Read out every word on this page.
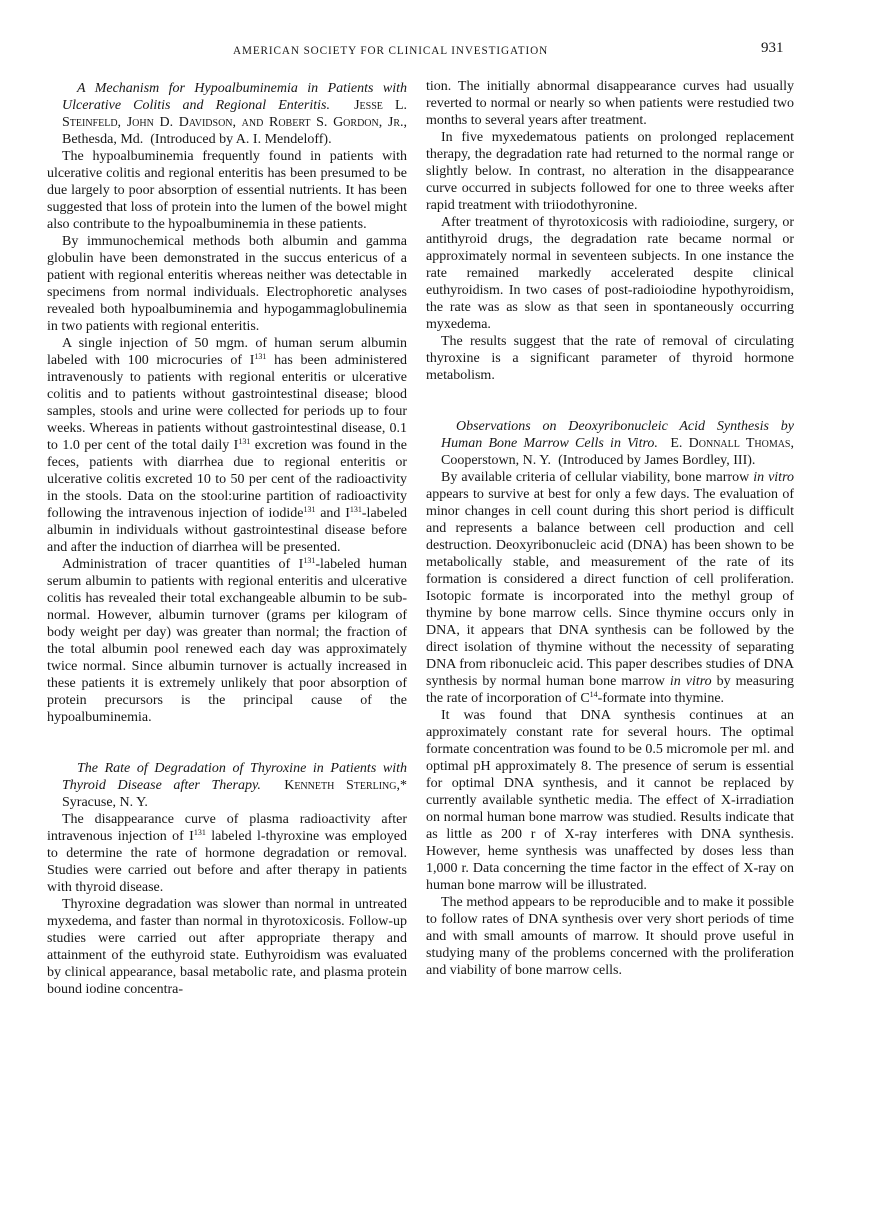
AMERICAN SOCIETY FOR CLINICAL INVESTIGATION	931

A Mechanism for Hypoalbuminemia in Patients with Ulcerative Colitis and Regional Enteritis. Jesse L. Steinfeld, John D. Davidson, and Robert S. Gordon, Jr., Bethesda, Md. (Introduced by A. I. Mendeloff).

The hypoalbuminemia frequently found in patients with ulcerative colitis and regional enteritis has been presumed to be due largely to poor absorption of essential nutrients. It has been suggested that loss of protein into the lumen of the bowel might also contribute to the hypoalbuminemia in these patients.

By immunochemical methods both albumin and gamma globulin have been demonstrated in the succus entericus of a patient with regional enteritis whereas neither was detectable in specimens from normal individuals. Electrophoretic analyses revealed both hypoalbuminemia and hypogammaglobulinemia in two patients with regional enteritis.

A single injection of 50 mgm. of human serum albumin labeled with 100 microcuries of $I^{131}$ has been administered intravenously to patients with regional enteritis or ulcerative colitis and to patients without gastrointestinal disease; blood samples, stools and urine were collected for periods up to four weeks. Whereas in patients without gastrointestinal disease, 0.1 to 1.0 per cent of the total daily $I^{131}$ excretion was found in the feces, patients with diarrhea due to regional enteritis or ulcerative colitis excreted 10 to 50 per cent of the radioactivity in the stools. Data on the stool:urine partition of radioactivity following the intravenous injection of iodide$^{131}$ and $I^{131}$-labeled albumin in individuals without gastrointestinal disease before and after the induction of diarrhea will be presented.

Administration of tracer quantities of $I^{131}$-labeled human serum albumin to patients with regional enteritis and ulcerative colitis has revealed their total exchangeable albumin to be sub-normal. However, albumin turnover (grams per kilogram of body weight per day) was greater than normal; the fraction of the total albumin pool renewed each day was approximately twice normal. Since albumin turnover is actually increased in these patients it is extremely unlikely that poor absorption of protein precursors is the principal cause of the hypoalbuminemia.

The Rate of Degradation of Thyroxine in Patients with Thyroid Disease after Therapy. Kenneth Sterling,* Syracuse, N. Y.

The disappearance curve of plasma radioactivity after intravenous injection of $I^{131}$ labeled l-thyroxine was employed to determine the rate of hormone degradation or removal. Studies were carried out before and after therapy in patients with thyroid disease.

Thyroxine degradation was slower than normal in untreated myxedema, and faster than normal in thyrotoxicosis. Follow-up studies were carried out after appropriate therapy and attainment of the euthyroid state. Euthyroidism was evaluated by clinical appearance, basal metabolic rate, and plasma protein bound iodine concentra-

tion. The initially abnormal disappearance curves had usually reverted to normal or nearly so when patients were restudied two months to several years after treatment.

In five myxedematous patients on prolonged replacement therapy, the degradation rate had returned to the normal range or slightly below. In contrast, no alteration in the disappearance curve occurred in subjects followed for one to three weeks after rapid treatment with triiodothyronine.

After treatment of thyrotoxicosis with radioiodine, surgery, or antithyroid drugs, the degradation rate became normal or approximately normal in seventeen subjects. In one instance the rate remained markedly accelerated despite clinical euthyroidism. In two cases of post-radioiodine hypothyroidism, the rate was as slow as that seen in spontaneously occurring myxedema.

The results suggest that the rate of removal of circulating thyroxine is a significant parameter of thyroid hormone metabolism.

Observations on Deoxyribonucleic Acid Synthesis by Human Bone Marrow Cells in Vitro. E. Donnall Thomas, Cooperstown, N. Y. (Introduced by James Bordley, III).

By available criteria of cellular viability, bone marrow in vitro appears to survive at best for only a few days. The evaluation of minor changes in cell count during this short period is difficult and represents a balance between cell production and cell destruction. Deoxyribonucleic acid (DNA) has been shown to be metabolically stable, and measurement of the rate of its formation is considered a direct function of cell proliferation. Isotopic formate is incorporated into the methyl group of thymine by bone marrow cells. Since thymine occurs only in DNA, it appears that DNA synthesis can be followed by the direct isolation of thymine without the necessity of separating DNA from ribonucleic acid. This paper describes studies of DNA synthesis by normal human bone marrow in vitro by measuring the rate of incorporation of $C^{14}$-formate into thymine.

It was found that DNA synthesis continues at an approximately constant rate for several hours. The optimal formate concentration was found to be 0.5 micromole per ml. and optimal pH approximately 8. The presence of serum is essential for optimal DNA synthesis, and it cannot be replaced by currently available synthetic media. The effect of X-irradiation on normal human bone marrow was studied. Results indicate that as little as 200 r of X-ray interferes with DNA synthesis. However, heme synthesis was unaffected by doses less than 1,000 r. Data concerning the time factor in the effect of X-ray on human bone marrow will be illustrated.

The method appears to be reproducible and to make it possible to follow rates of DNA synthesis over very short periods of time and with small amounts of marrow. It should prove useful in studying many of the problems concerned with the proliferation and viability of bone marrow cells.
